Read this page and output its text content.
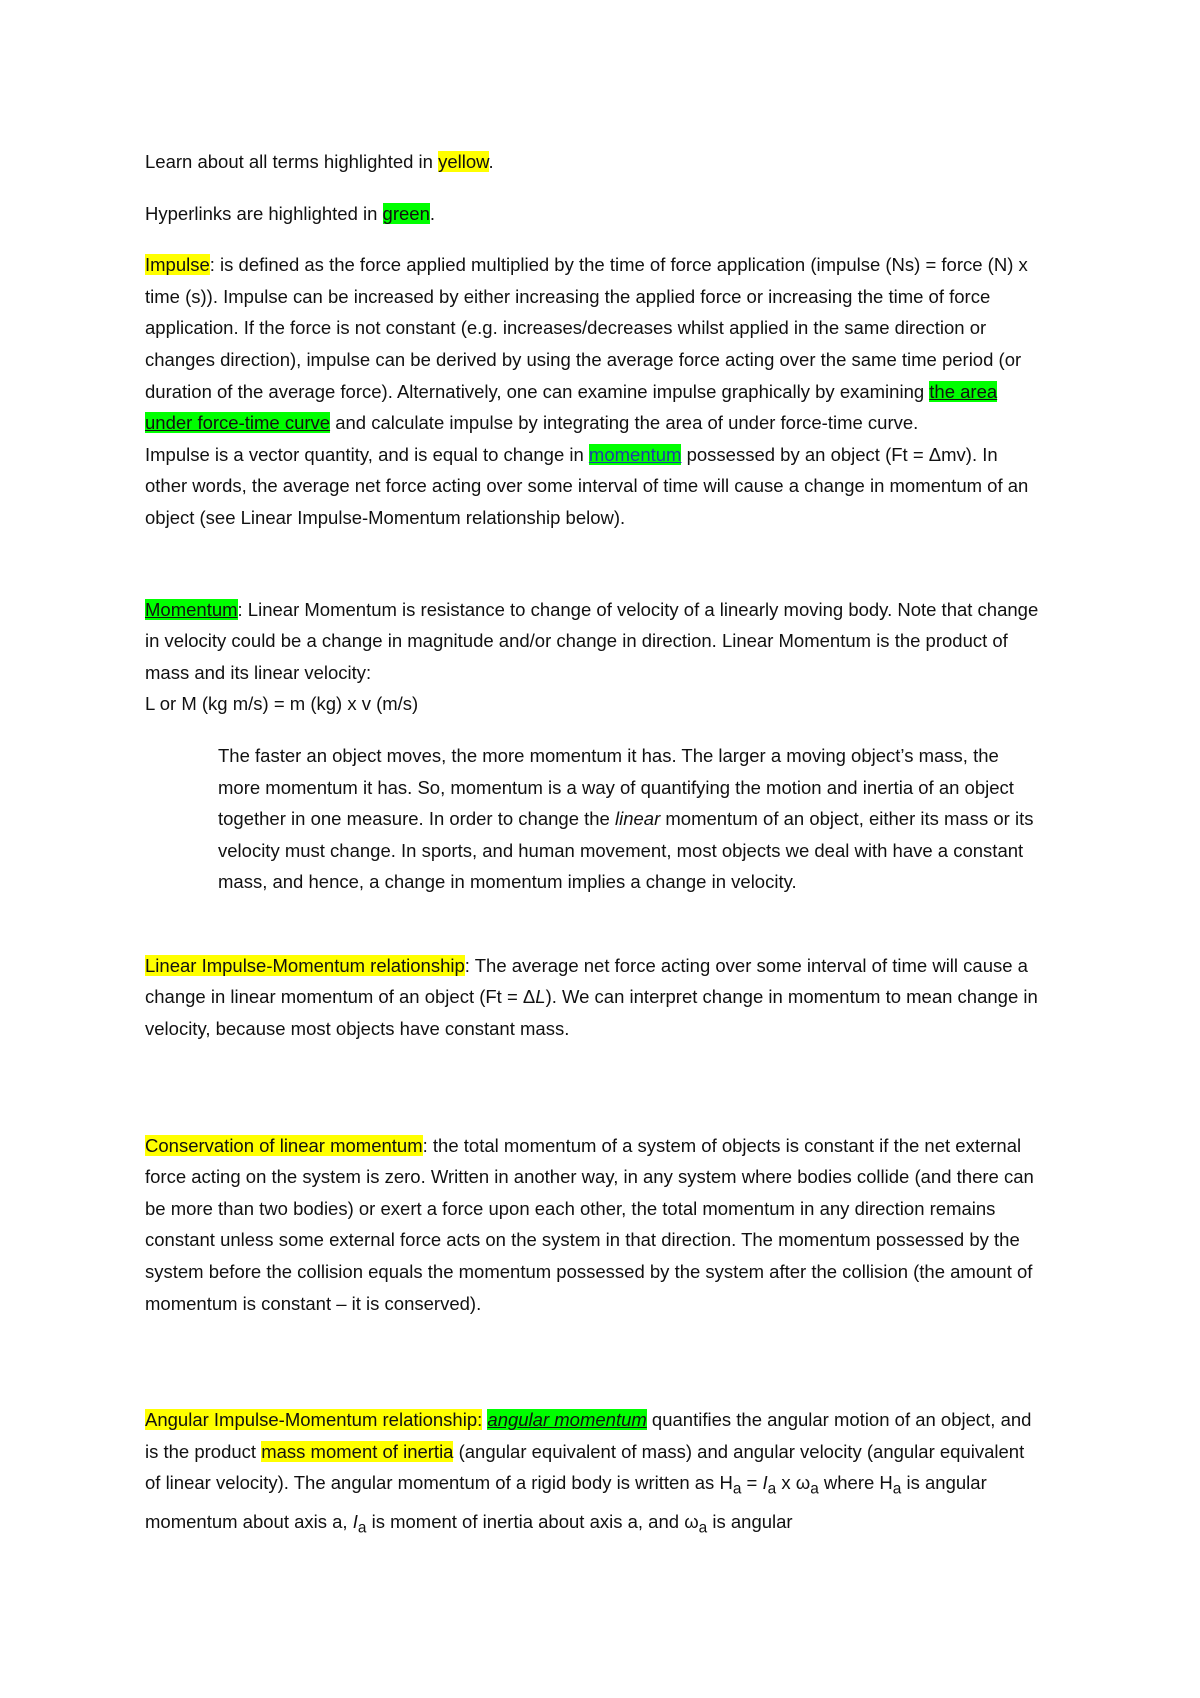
Learn about all terms highlighted in yellow.

Hyperlinks are highlighted in green.

Impulse: is defined as the force applied multiplied by the time of force application (impulse (Ns) = force (N) x time (s)). Impulse can be increased by either increasing the applied force or increasing the time of force application. If the force is not constant (e.g. increases/decreases whilst applied in the same direction or changes direction), impulse can be derived by using the average force acting over the same time period (or duration of the average force). Alternatively, one can examine impulse graphically by examining the area under force-time curve and calculate impulse by integrating the area of under force-time curve.

Impulse is a vector quantity, and is equal to change in momentum possessed by an object (Ft = Δmv). In other words, the average net force acting over some interval of time will cause a change in momentum of an object (see Linear Impulse-Momentum relationship below).

Momentum: Linear Momentum is resistance to change of velocity of a linearly moving body. Note that change in velocity could be a change in magnitude and/or change in direction. Linear Momentum is the product of mass and its linear velocity:

L or M (kg m/s) = m (kg) x v (m/s)

The faster an object moves, the more momentum it has. The larger a moving object’s mass, the more momentum it has. So, momentum is a way of quantifying the motion and inertia of an object together in one measure. In order to change the linear momentum of an object, either its mass or its velocity must change. In sports, and human movement, most objects we deal with have a constant mass, and hence, a change in momentum implies a change in velocity.

Linear Impulse-Momentum relationship: The average net force acting over some interval of time will cause a change in linear momentum of an object (Ft = ΔL). We can interpret change in momentum to mean change in velocity, because most objects have constant mass.

Conservation of linear momentum: the total momentum of a system of objects is constant if the net external force acting on the system is zero. Written in another way, in any system where bodies collide (and there can be more than two bodies) or exert a force upon each other, the total momentum in any direction remains constant unless some external force acts on the system in that direction. The momentum possessed by the system before the collision equals the momentum possessed by the system after the collision (the amount of momentum is constant – it is conserved).

Angular Impulse-Momentum relationship: angular momentum quantifies the angular motion of an object, and is the product mass moment of inertia (angular equivalent of mass) and angular velocity (angular equivalent of linear velocity). The angular momentum of a rigid body is written as $H_a = I_a$ x $\omega_a$ where $H_a$ is angular momentum about axis a, $I_a$ is moment of inertia about axis a, and $\omega_a$ is angular
